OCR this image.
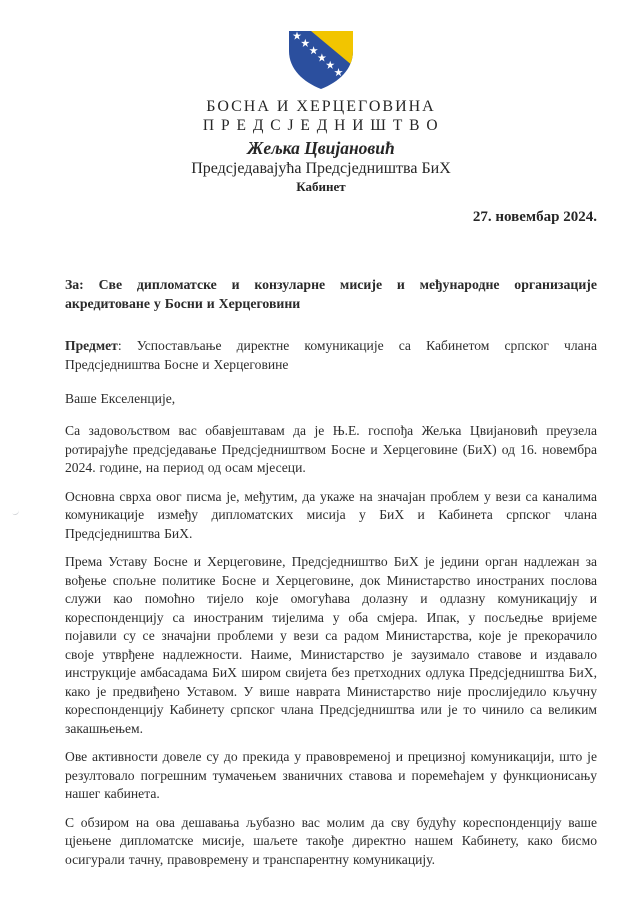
БОСНА И ХЕРЦЕГОВИНА
П Р Е Д С Ј Е Д Н И Ш Т В О
Жељка Цвијановић
Предсједавајућа Предсједништва БиХ
Кабинет
27. новембар 2024.

За: Све дипломатске и конзуларне мисије и међународне организације акредитоване у Босни и Херцеговини

Предмет: Успостављање директне комуникације са Кабинетом српског члана Предсједништва Босне и Херцеговине

Ваше Екселенције,

Са задовољством вас обавјештавам да је Њ.Е. госпођа Жељка Цвијановић преузела ротирајуће предсједавање Предсједништвом Босне и Херцеговине (БиХ) од 16. новембра 2024. године, на период од осам мјесеци.

Основна сврха овог писма је, међутим, да укаже на значајан проблем у вези са каналима комуникације између дипломатских мисија у БиХ и Кабинета српског члана Предсједништва БиХ.

Према Уставу Босне и Херцеговине, Предсједништво БиХ је једини орган надлежан за вођење спољне политике Босне и Херцеговине, док Министарство иностраних послова служи као помоћно тијело које омогућава долазну и одлазну комуникацију и кореспонденцију са иностраним тијелима у оба смјера. Ипак, у посљедње вријеме појавили су се значајни проблеми у вези са радом Министарства, које је прекорачило своје утврђене надлежности. Наиме, Министарство је заузимало ставове и издавало инструкције амбасадама БиХ широм свијета без претходних одлука Предсједништва БиХ, како је предвиђено Уставом. У више наврата Министарство није прослиједило кључну кореспонденцију Кабинету српског члана Предсједништва или је то чинило са великим закашњењем.

Ове активности довеле су до прекида у правовременој и прецизној комуникацији, што је резултовало погрешним тумачењем званичних ставова и поремећајем у функционисању нашег кабинета.

С обзиром на ова дешавања љубазно вас молим да сву будућу кореспонденцију ваше цјењене дипломатске мисије, шаљете такође директно нашем Кабинету, како бисмо осигурали тачну, правовремену и транспарентну комуникацију.
